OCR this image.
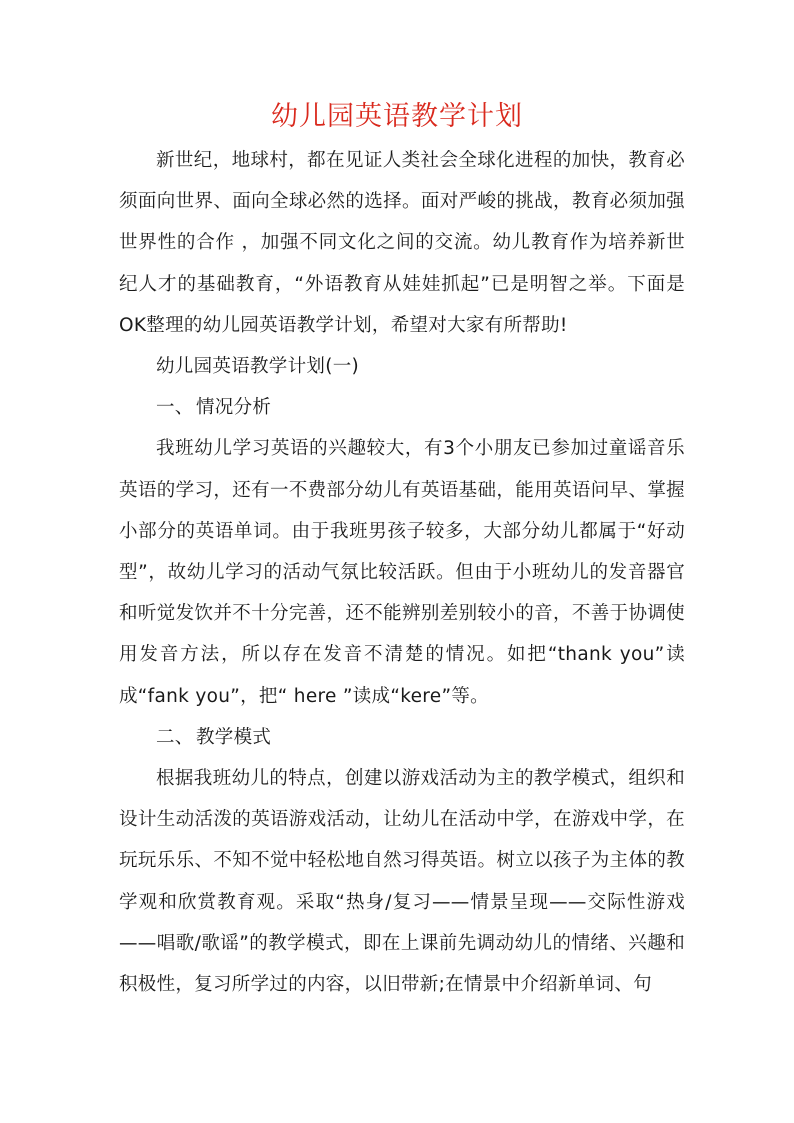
幼儿园英语教学计划

新世纪，地球村，都在见证人类社会全球化进程的加快，教育必须面向世界、面向全球必然的选择。面对严峻的挑战，教育必须加强世界性的合作 ，加强不同文化之间的交流。幼儿教育作为培养新世纪人才的基础教育，“外语教育从娃娃抓起”已是明智之举。下面是OK整理的幼儿园英语教学计划，希望对大家有所帮助!

幼儿园英语教学计划(一)

一、 情况分析

我班幼儿学习英语的兴趣较大，有3个小朋友已参加过童谣音乐英语的学习，还有一不费部分幼儿有英语基础，能用英语问早、掌握小部分的英语单词。由于我班男孩子较多，大部分幼儿都属于“好动型”，故幼儿学习的活动气氛比较活跃。但由于小班幼儿的发音器官和听觉发饮并不十分完善，还不能辨别差别较小的音，不善于协调使用发音方法，所以存在发音不清楚的情况。如把“thank you”读成“fank you”，把“ here ”读成“kere”等。

二、 教学模式

根据我班幼儿的特点，创建以游戏活动为主的教学模式，组织和设计生动活泼的英语游戏活动，让幼儿在活动中学，在游戏中学，在玩玩乐乐、不知不觉中轻松地自然习得英语。树立以孩子为主体的教学观和欣赏教育观。采取“热身/复习——情景呈现——交际性游戏——唱歌/歌谣”的教学模式，即在上课前先调动幼儿的情绪、兴趣和积极性，复习所学过的内容，以旧带新;在情景中介绍新单词、句
